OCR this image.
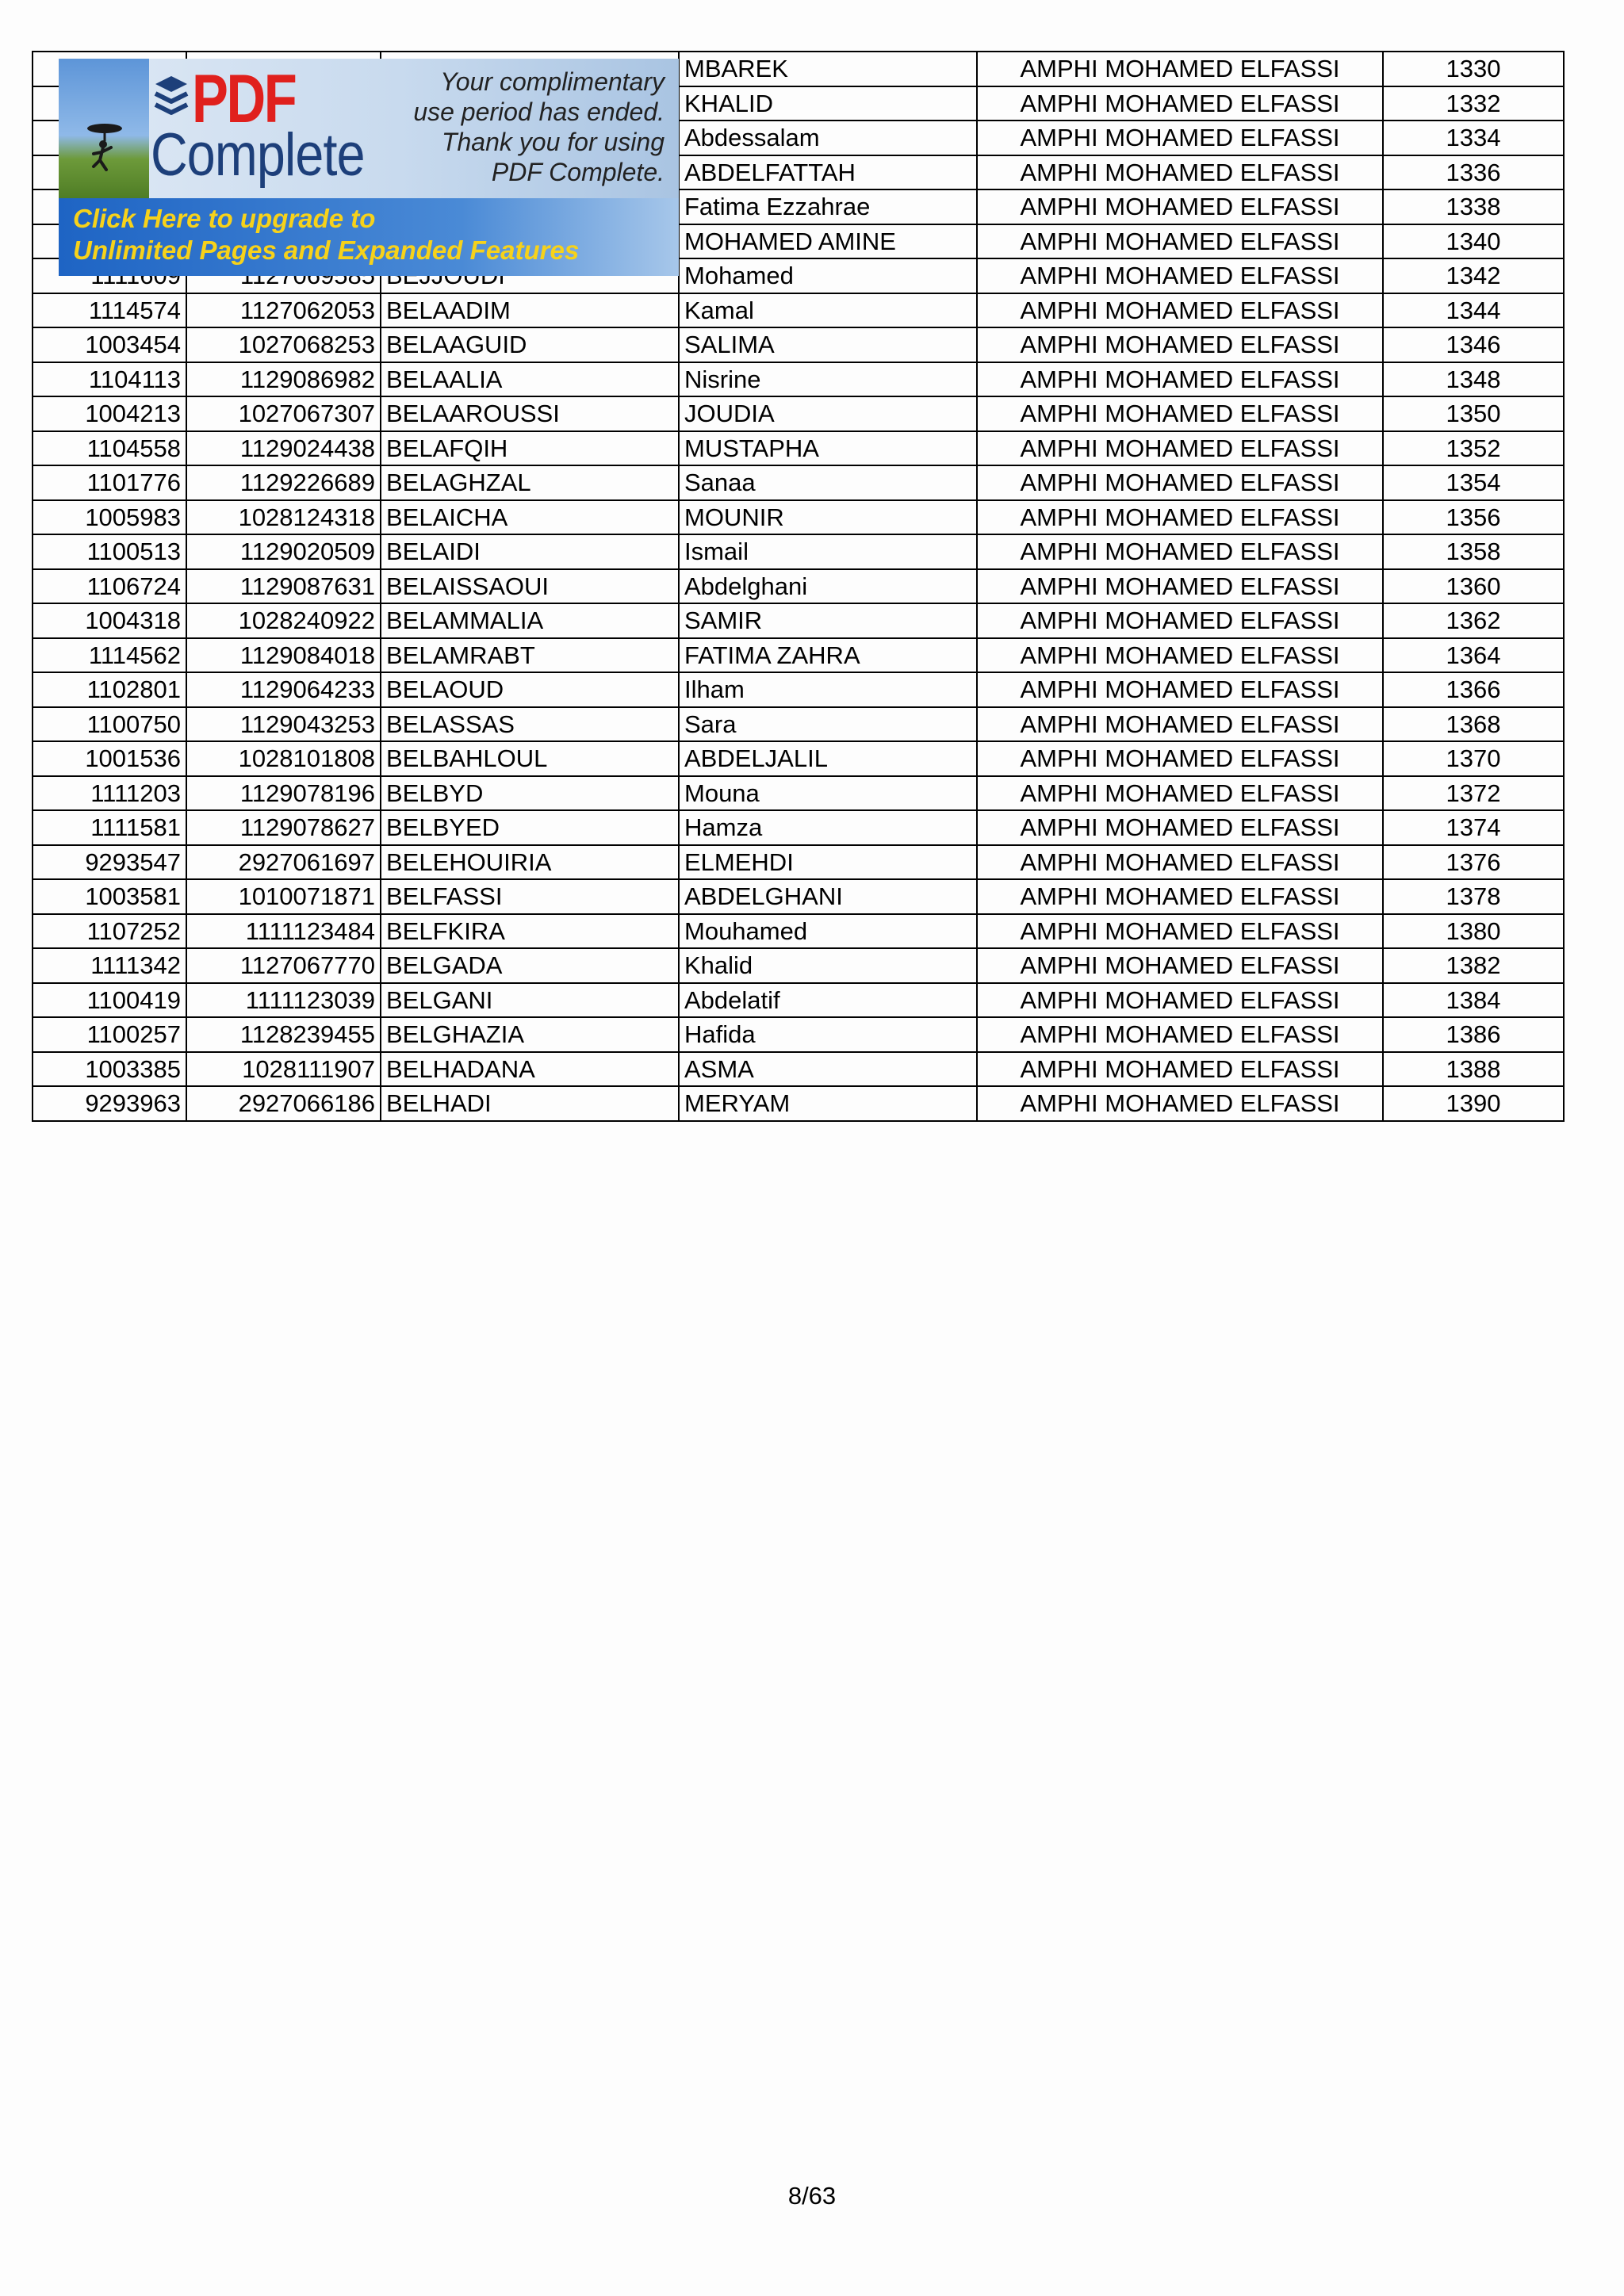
			MBAREK	AMPHI MOHAMED ELFASSI	1330
			KHALID	AMPHI MOHAMED ELFASSI	1332
			Abdessalam	AMPHI MOHAMED ELFASSI	1334
			ABDELFATTAH	AMPHI MOHAMED ELFASSI	1336
			Fatima Ezzahrae	AMPHI MOHAMED ELFASSI	1338
			MOHAMED AMINE	AMPHI MOHAMED ELFASSI	1340
			Mohamed	AMPHI MOHAMED ELFASSI	1342
1114574	1127062053	BELAADIM	Kamal	AMPHI MOHAMED ELFASSI	1344
1003454	1027068253	BELAAGUID	SALIMA	AMPHI MOHAMED ELFASSI	1346
1104113	1129086982	BELAALIA	Nisrine	AMPHI MOHAMED ELFASSI	1348
1004213	1027067307	BELAAROUSSI	JOUDIA	AMPHI MOHAMED ELFASSI	1350
1104558	1129024438	BELAFQIH	MUSTAPHA	AMPHI MOHAMED ELFASSI	1352
1101776	1129226689	BELAGHZAL	Sanaa	AMPHI MOHAMED ELFASSI	1354
1005983	1028124318	BELAICHA	MOUNIR	AMPHI MOHAMED ELFASSI	1356
1100513	1129020509	BELAIDI	Ismail	AMPHI MOHAMED ELFASSI	1358
1106724	1129087631	BELAISSAOUI	Abdelghani	AMPHI MOHAMED ELFASSI	1360
1004318	1028240922	BELAMMALIA	SAMIR	AMPHI MOHAMED ELFASSI	1362
1114562	1129084018	BELAMRABT	FATIMA ZAHRA	AMPHI MOHAMED ELFASSI	1364
1102801	1129064233	BELAOUD	Ilham	AMPHI MOHAMED ELFASSI	1366
1100750	1129043253	BELASSAS	Sara	AMPHI MOHAMED ELFASSI	1368
1001536	1028101808	BELBAHLOUL	ABDELJALIL	AMPHI MOHAMED ELFASSI	1370
1111203	1129078196	BELBYD	Mouna	AMPHI MOHAMED ELFASSI	1372
1111581	1129078627	BELBYED	Hamza	AMPHI MOHAMED ELFASSI	1374
9293547	2927061697	BELEHOUIRIA	ELMEHDI	AMPHI MOHAMED ELFASSI	1376
1003581	1010071871	BELFASSI	ABDELGHANI	AMPHI MOHAMED ELFASSI	1378
1107252	1111123484	BELFKIRA	Mouhamed	AMPHI MOHAMED ELFASSI	1380
1111342	1127067770	BELGADA	Khalid	AMPHI MOHAMED ELFASSI	1382
1100419	1111123039	BELGANI	Abdelatif	AMPHI MOHAMED ELFASSI	1384
1100257	1128239455	BELGHAZIA	Hafida	AMPHI MOHAMED ELFASSI	1386
1003385	1028111907	BELHADANA	ASMA	AMPHI MOHAMED ELFASSI	1388
9293963	2927066186	BELHADI	MERYAM	AMPHI MOHAMED ELFASSI	1390
PDF
Complete
Your complimentary
use period has ended.
Thank you for using
PDF Complete.
Click Here to upgrade to
Unlimited Pages and Expanded Features
8/63
